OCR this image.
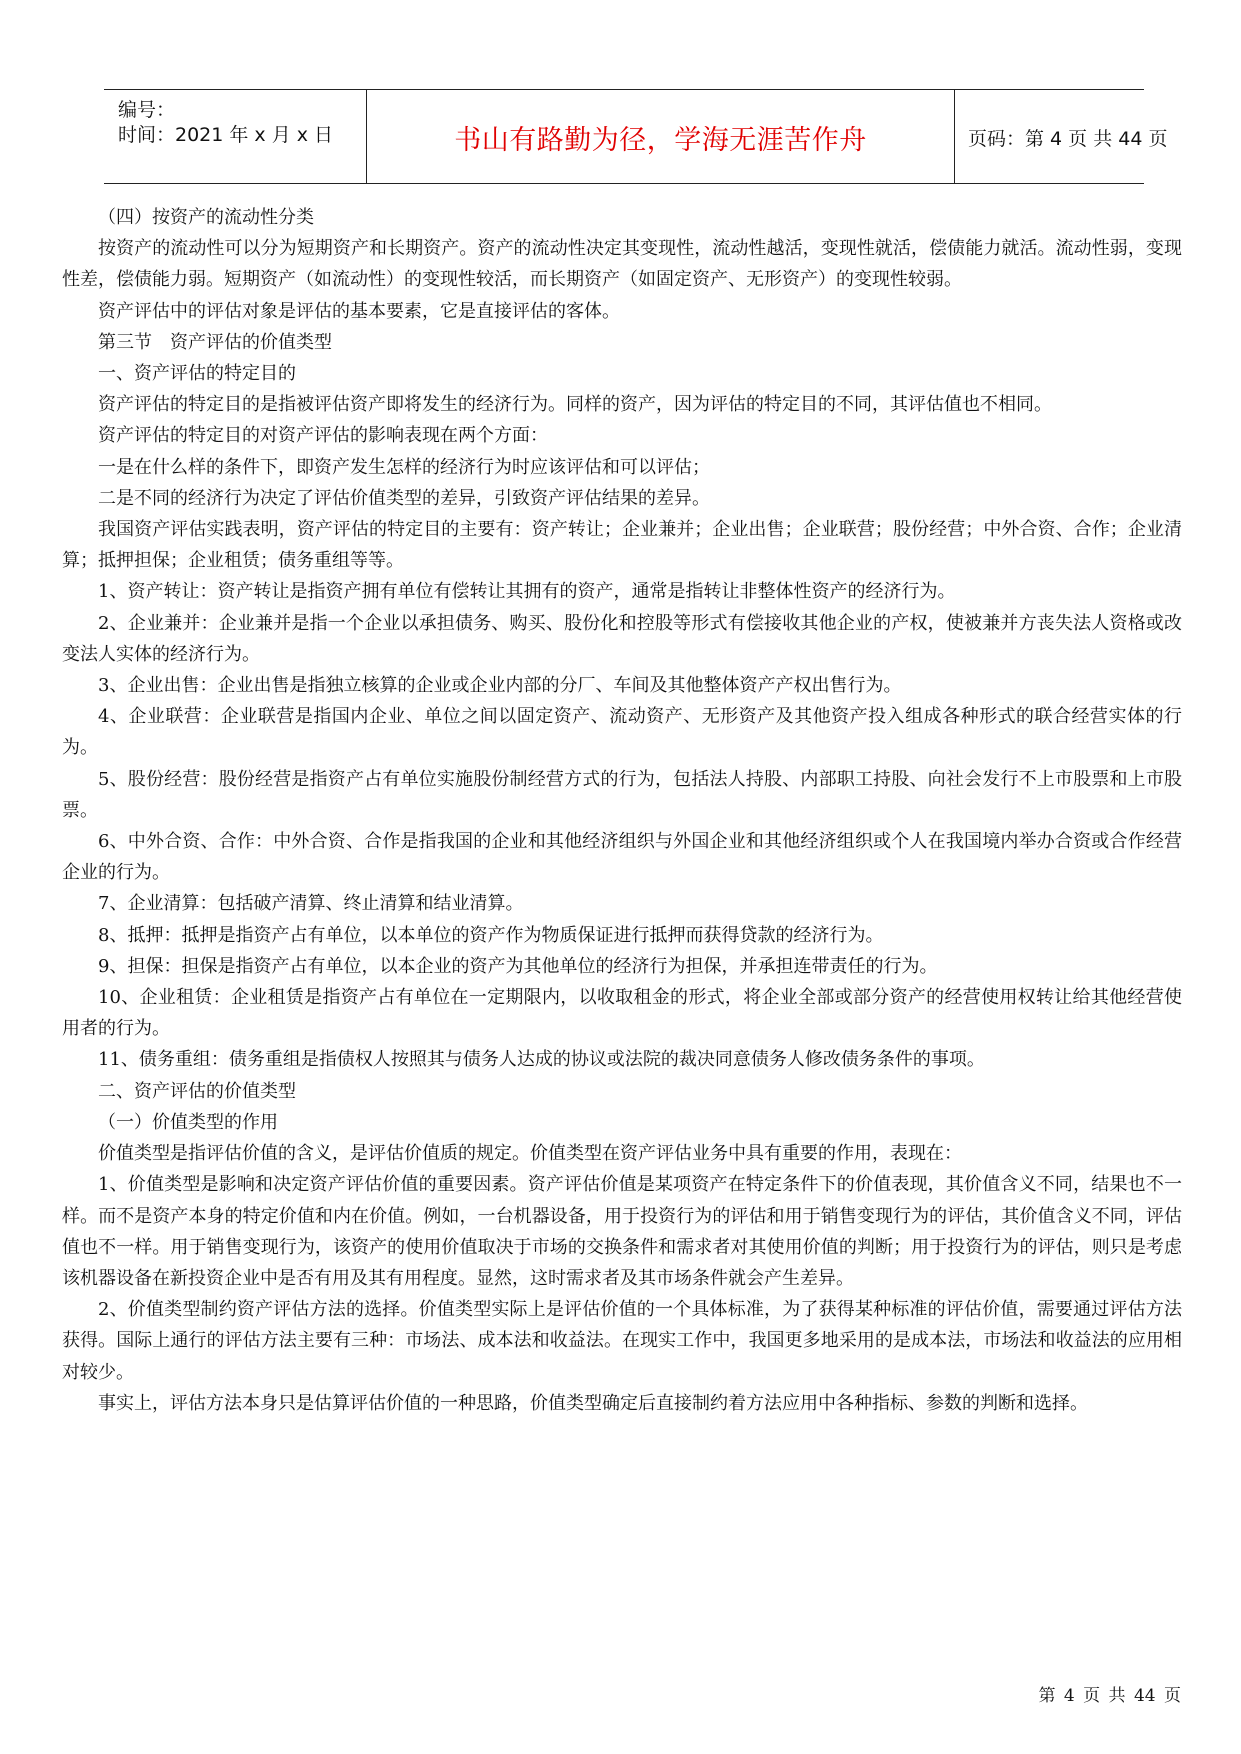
编号：
时间：2021 年 x 月 x 日	书山有路勤为径，学海无涯苦作舟	页码：第 4 页 共 44 页

（四）按资产的流动性分类

按资产的流动性可以分为短期资产和长期资产。资产的流动性决定其变现性，流动性越活，变现性就活，偿债能力就活。流动性弱，变现性差，偿债能力弱。短期资产（如流动性）的变现性较活，而长期资产（如固定资产、无形资产）的变现性较弱。

资产评估中的评估对象是评估的基本要素，它是直接评估的客体。

第三节　资产评估的价值类型

一、资产评估的特定目的

资产评估的特定目的是指被评估资产即将发生的经济行为。同样的资产，因为评估的特定目的不同，其评估值也不相同。

资产评估的特定目的对资产评估的影响表现在两个方面：

一是在什么样的条件下，即资产发生怎样的经济行为时应该评估和可以评估；

二是不同的经济行为决定了评估价值类型的差异，引致资产评估结果的差异。

我国资产评估实践表明，资产评估的特定目的主要有：资产转让；企业兼并；企业出售；企业联营；股份经营；中外合资、合作；企业清算；抵押担保；企业租赁；债务重组等等。

1、资产转让：资产转让是指资产拥有单位有偿转让其拥有的资产，通常是指转让非整体性资产的经济行为。

2、企业兼并：企业兼并是指一个企业以承担债务、购买、股份化和控股等形式有偿接收其他企业的产权，使被兼并方丧失法人资格或改变法人实体的经济行为。

3、企业出售：企业出售是指独立核算的企业或企业内部的分厂、车间及其他整体资产产权出售行为。

4、企业联营：企业联营是指国内企业、单位之间以固定资产、流动资产、无形资产及其他资产投入组成各种形式的联合经营实体的行为。

5、股份经营：股份经营是指资产占有单位实施股份制经营方式的行为，包括法人持股、内部职工持股、向社会发行不上市股票和上市股票。

6、中外合资、合作：中外合资、合作是指我国的企业和其他经济组织与外国企业和其他经济组织或个人在我国境内举办合资或合作经营企业的行为。

7、企业清算：包括破产清算、终止清算和结业清算。

8、抵押：抵押是指资产占有单位，以本单位的资产作为物质保证进行抵押而获得贷款的经济行为。

9、担保：担保是指资产占有单位，以本企业的资产为其他单位的经济行为担保，并承担连带责任的行为。

10、企业租赁：企业租赁是指资产占有单位在一定期限内，以收取租金的形式，将企业全部或部分资产的经营使用权转让给其他经营使用者的行为。

11、债务重组：债务重组是指债权人按照其与债务人达成的协议或法院的裁决同意债务人修改债务条件的事项。

二、资产评估的价值类型

（一）价值类型的作用

价值类型是指评估价值的含义，是评估价值质的规定。价值类型在资产评估业务中具有重要的作用，表现在：

1、价值类型是影响和决定资产评估价值的重要因素。资产评估价值是某项资产在特定条件下的价值表现，其价值含义不同，结果也不一样。而不是资产本身的特定价值和内在价值。例如，一台机器设备，用于投资行为的评估和用于销售变现行为的评估，其价值含义不同，评估值也不一样。用于销售变现行为，该资产的使用价值取决于市场的交换条件和需求者对其使用价值的判断；用于投资行为的评估，则只是考虑该机器设备在新投资企业中是否有用及其有用程度。显然，这时需求者及其市场条件就会产生差异。

2、价值类型制约资产评估方法的选择。价值类型实际上是评估价值的一个具体标准，为了获得某种标准的评估价值，需要通过评估方法获得。国际上通行的评估方法主要有三种：市场法、成本法和收益法。在现实工作中，我国更多地采用的是成本法，市场法和收益法的应用相对较少。

事实上，评估方法本身只是估算评估价值的一种思路，价值类型确定后直接制约着方法应用中各种指标、参数的判断和选择。

第 4 页 共 44 页
